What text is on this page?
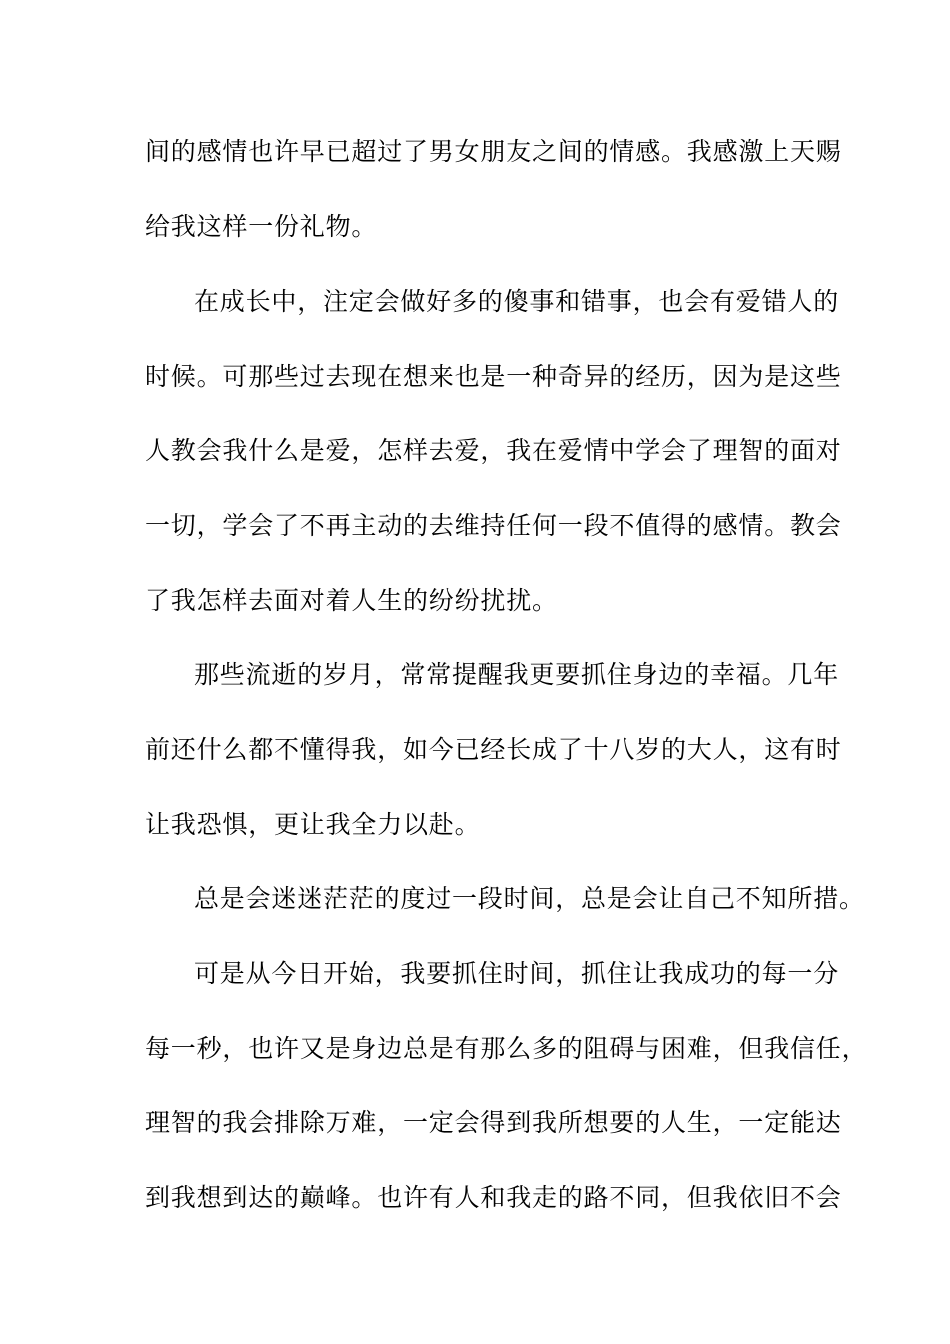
间的感情也许早已超过了男女朋友之间的情感。我感激上天赐
给我这样一份礼物。
在成长中，注定会做好多的傻事和错事，也会有爱错人的
时候。可那些过去现在想来也是一种奇异的经历，因为是这些
人教会我什么是爱，怎样去爱，我在爱情中学会了理智的面对
一切，学会了不再主动的去维持任何一段不值得的感情。教会
了我怎样去面对着人生的纷纷扰扰。
那些流逝的岁月，常常提醒我更要抓住身边的幸福。几年
前还什么都不懂得我，如今已经长成了十八岁的大人，这有时
让我恐惧，更让我全力以赴。
总是会迷迷茫茫的度过一段时间，总是会让自己不知所措。
可是从今日开始，我要抓住时间，抓住让我成功的每一分
每一秒，也许又是身边总是有那么多的阻碍与困难，但我信任，
理智的我会排除万难，一定会得到我所想要的人生，一定能达
到我想到达的巅峰。也许有人和我走的路不同，但我依旧不会
